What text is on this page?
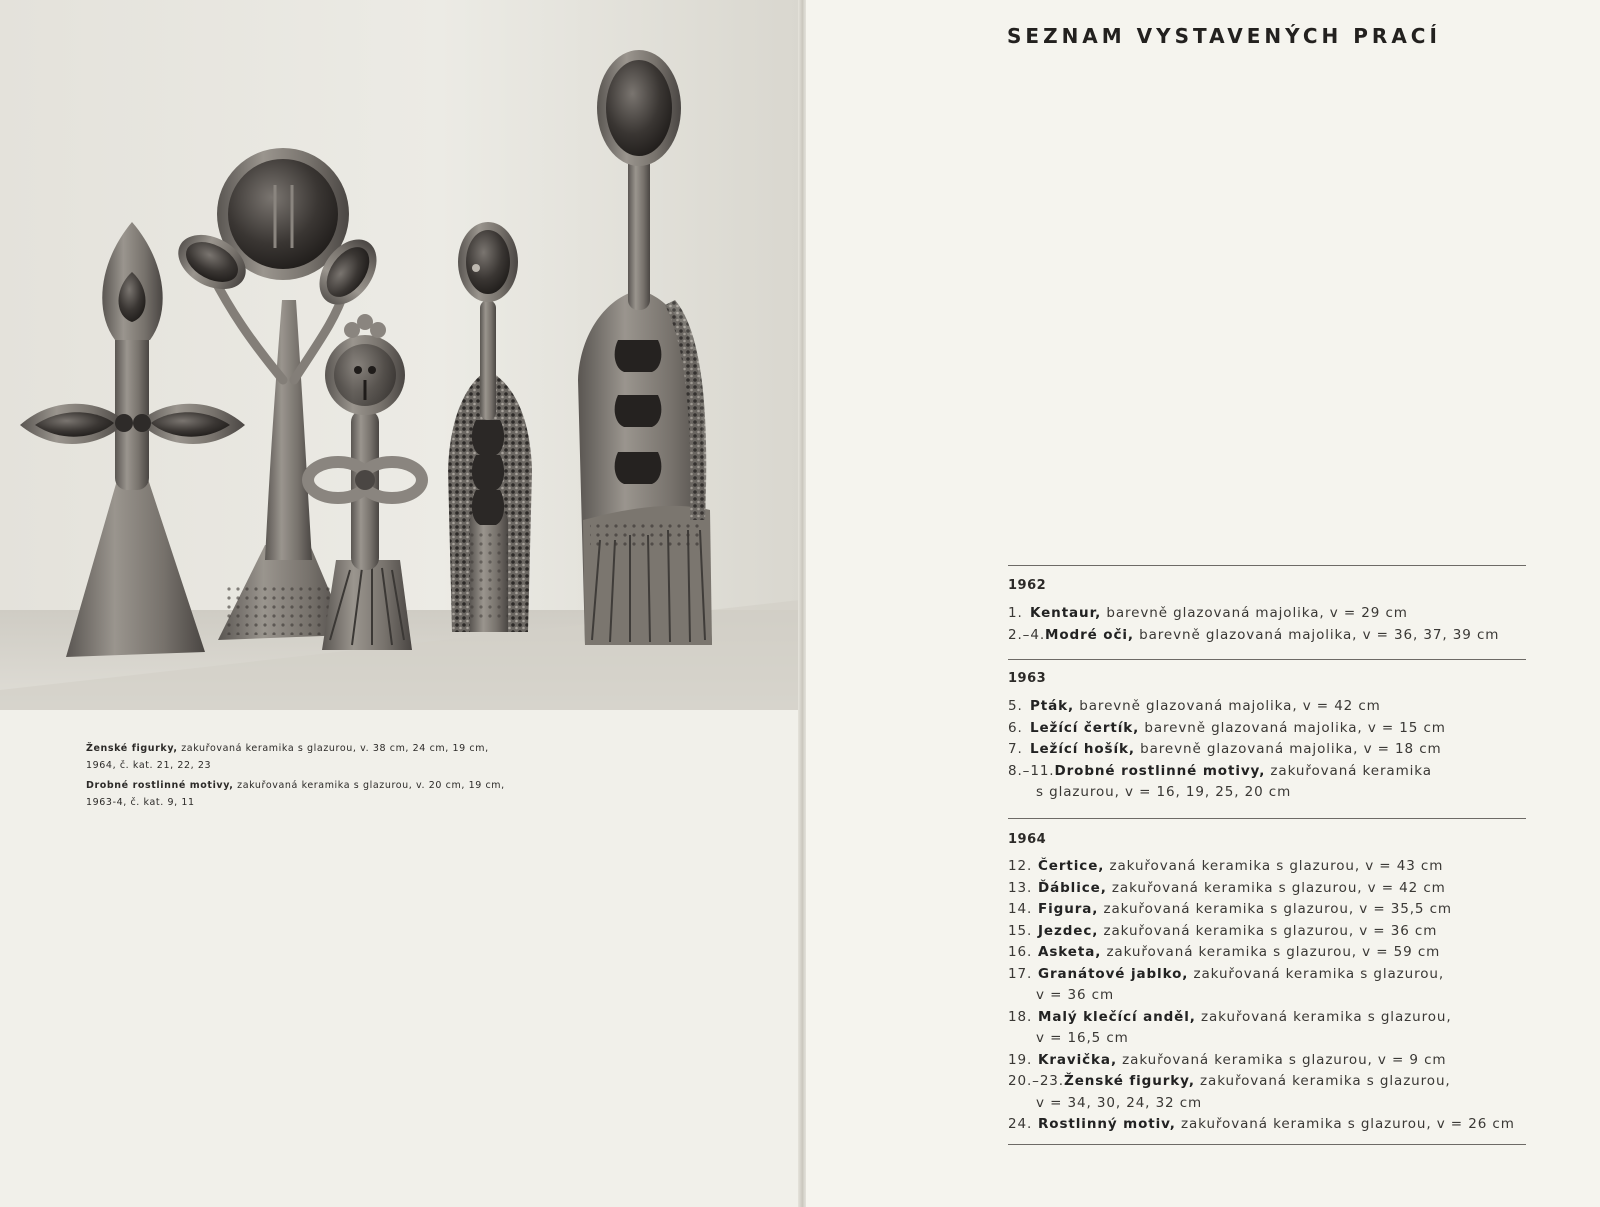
Ženské figurky, zakuřovaná keramika s glazurou, v. 38 cm, 24 cm, 19 cm, 1964, č. kat. 21, 22, 23

Drobné rostlinné motivy, zakuřovaná keramika s glazurou, v. 20 cm, 19 cm, 1963-4, č. kat. 9, 11

SEZNAM VYSTAVENÝCH PRACÍ
1962
1. Kentaur, barevně glazovaná majolika, v = 29 cm
2.–4. Modré oči, barevně glazovaná majolika, v = 36, 37, 39 cm
1963
5. Pták, barevně glazovaná majolika, v = 42 cm
6. Ležící čertík, barevně glazovaná majolika, v = 15 cm
7. Ležící hošík, barevně glazovaná majolika, v = 18 cm
8.–11. Drobné rostlinné motivy, zakuřovaná keramika
s glazurou, v = 16, 19, 25, 20 cm
1964
12. Čertice, zakuřovaná keramika s glazurou, v = 43 cm
13. Ďáblice, zakuřovaná keramika s glazurou, v = 42 cm
14. Figura, zakuřovaná keramika s glazurou, v = 35,5 cm
15. Jezdec, zakuřovaná keramika s glazurou, v = 36 cm
16. Asketa, zakuřovaná keramika s glazurou, v = 59 cm
17. Granátové jablko, zakuřovaná keramika s glazurou,
v = 36 cm
18. Malý klečící anděl, zakuřovaná keramika s glazurou,
v = 16,5 cm
19. Kravička, zakuřovaná keramika s glazurou, v = 9 cm
20.–23. Ženské figurky, zakuřovaná keramika s glazurou,
v = 34, 30, 24, 32 cm
24. Rostlinný motiv, zakuřovaná keramika s glazurou, v = 26 cm
